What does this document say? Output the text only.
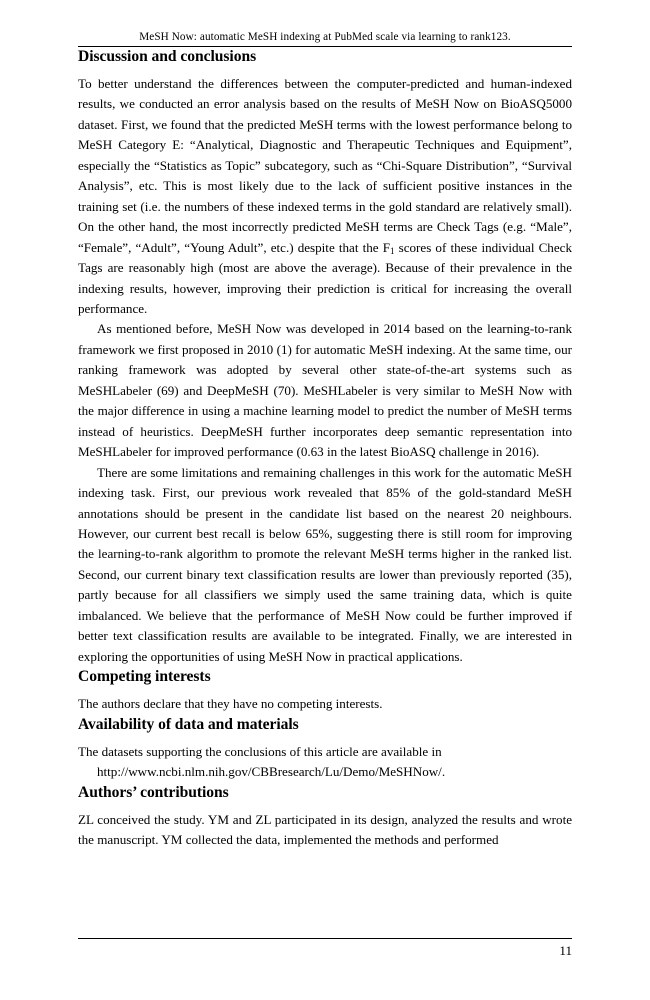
MeSH Now: automatic MeSH indexing at PubMed scale via learning to rank123.
Discussion and conclusions

To better understand the differences between the computer-predicted and human-indexed results, we conducted an error analysis based on the results of MeSH Now on BioASQ5000 dataset. First, we found that the predicted MeSH terms with the lowest performance belong to MeSH Category E: “Analytical, Diagnostic and Therapeutic Techniques and Equipment”, especially the “Statistics as Topic” subcategory, such as “Chi-Square Distribution”, “Survival Analysis”, etc. This is most likely due to the lack of sufficient positive instances in the training set (i.e. the numbers of these indexed terms in the gold standard are relatively small). On the other hand, the most incorrectly predicted MeSH terms are Check Tags (e.g. “Male”, “Female”, “Adult”, “Young Adult”, etc.) despite that the $F_1$ scores of these individual Check Tags are reasonably high (most are above the average). Because of their prevalence in the indexing results, however, improving their prediction is critical for increasing the overall performance.

As mentioned before, MeSH Now was developed in 2014 based on the learning-to-rank framework we first proposed in 2010 (1) for automatic MeSH indexing. At the same time, our ranking framework was adopted by several other state-of-the-art systems such as MeSHLabeler (69) and DeepMeSH (70). MeSHLabeler is very similar to MeSH Now with the major difference in using a machine learning model to predict the number of MeSH terms instead of heuristics. DeepMeSH further incorporates deep semantic representation into MeSHLabeler for improved performance (0.63 in the latest BioASQ challenge in 2016).

There are some limitations and remaining challenges in this work for the automatic MeSH indexing task. First, our previous work revealed that 85% of the gold-standard MeSH annotations should be present in the candidate list based on the nearest 20 neighbours. However, our current best recall is below 65%, suggesting there is still room for improving the learning-to-rank algorithm to promote the relevant MeSH terms higher in the ranked list. Second, our current binary text classification results are lower than previously reported (35), partly because for all classifiers we simply used the same training data, which is quite imbalanced. We believe that the performance of MeSH Now could be further improved if better text classification results are available to be integrated. Finally, we are interested in exploring the opportunities of using MeSH Now in practical applications.

Competing interests

The authors declare that they have no competing interests.

Availability of data and materials

The datasets supporting the conclusions of this article are available in
http://www.ncbi.nlm.nih.gov/CBBresearch/Lu/Demo/MeSHNow/.

Authors’ contributions

ZL conceived the study. YM and ZL participated in its design, analyzed the results and wrote the manuscript. YM collected the data, implemented the methods and performed

11
